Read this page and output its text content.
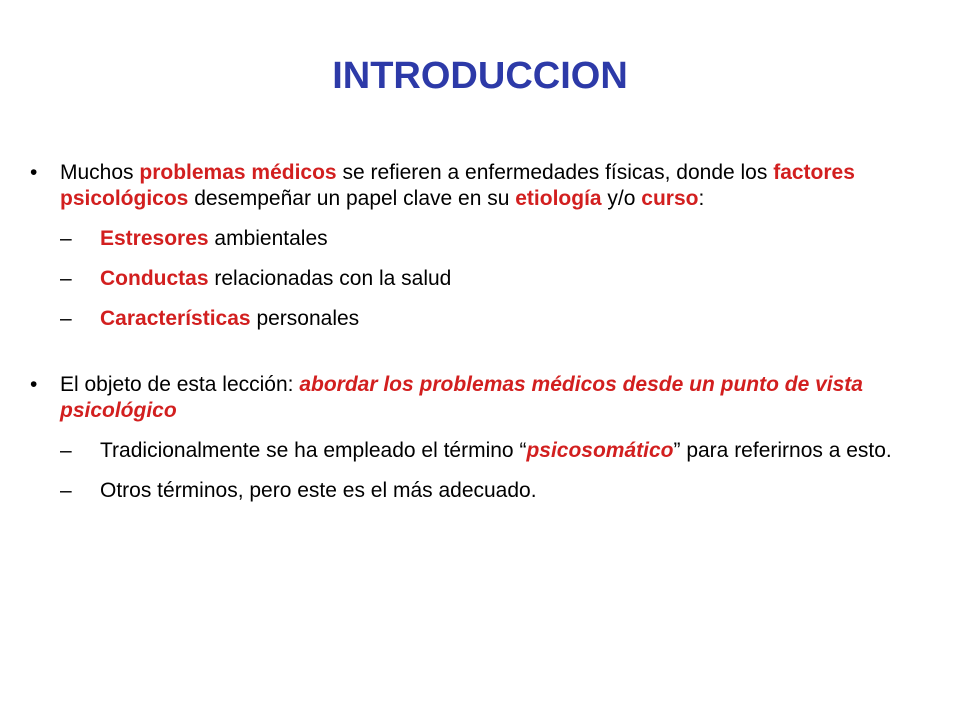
INTRODUCCION
• Muchos problemas médicos se refieren a enfermedades físicas, donde los factores psicológicos desempeñar un papel clave en su etiología y/o curso:
– Estresores ambientales
– Conductas relacionadas con la salud
– Características personales
• El objeto de esta lección: abordar los problemas médicos desde un punto de vista psicológico
– Tradicionalmente se ha empleado el término “psicosomático” para referirnos a esto.
– Otros términos, pero este es el más adecuado.
